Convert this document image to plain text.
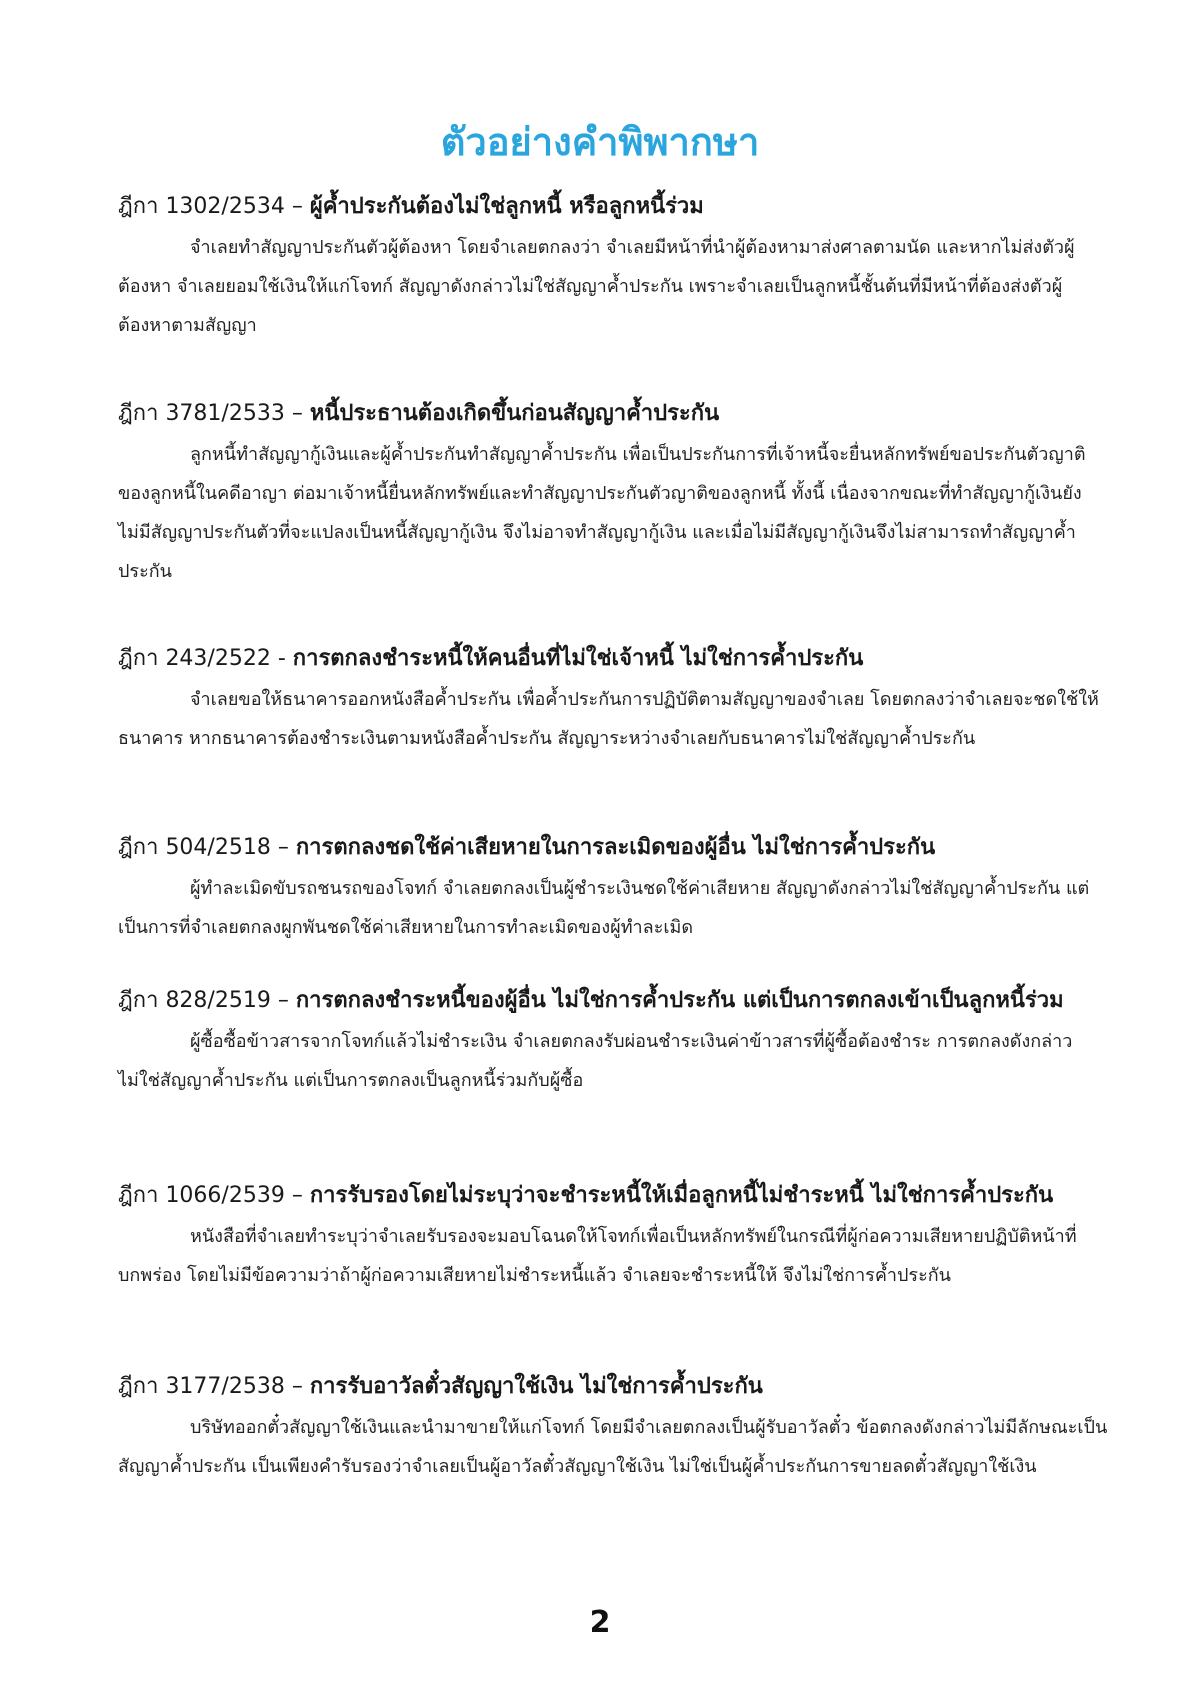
ตัวอย่างคำพิพากษา

ฎีกา 1302/2534 – ผู้ค้ำประกันต้องไม่ใช่ลูกหนี้ หรือลูกหนี้ร่วม

จำเลยทำสัญญาประกันตัวผู้ต้องหา โดยจำเลยตกลงว่า จำเลยมีหน้าที่นำผู้ต้องหามาส่งศาลตามนัด และหากไม่ส่งตัวผู้ต้องหา จำเลยยอมใช้เงินให้แก่โจทก์ สัญญาดังกล่าวไม่ใช่สัญญาค้ำประกัน เพราะจำเลยเป็นลูกหนี้ชั้นต้นที่มีหน้าที่ต้องส่งตัวผู้ต้องหาตามสัญญา

ฎีกา 3781/2533 – หนี้ประธานต้องเกิดขึ้นก่อนสัญญาค้ำประกัน

ลูกหนี้ทำสัญญากู้เงินและผู้ค้ำประกันทำสัญญาค้ำประกัน เพื่อเป็นประกันการที่เจ้าหนี้จะยื่นหลักทรัพย์ขอประกันตัวญาติของลูกหนี้ในคดีอาญา ต่อมาเจ้าหนี้ยื่นหลักทรัพย์และทำสัญญาประกันตัวญาติของลูกหนี้ ทั้งนี้ เนื่องจากขณะที่ทำสัญญากู้เงินยังไม่มีสัญญาประกันตัวที่จะแปลงเป็นหนี้สัญญากู้เงิน จึงไม่อาจทำสัญญากู้เงิน และเมื่อไม่มีสัญญากู้เงินจึงไม่สามารถทำสัญญาค้ำประกัน

ฎีกา 243/2522 - การตกลงชำระหนี้ให้คนอื่นที่ไม่ใช่เจ้าหนี้ ไม่ใช่การค้ำประกัน

จำเลยขอให้ธนาคารออกหนังสือค้ำประกัน เพื่อค้ำประกันการปฏิบัติตามสัญญาของจำเลย โดยตกลงว่าจำเลยจะชดใช้ให้ธนาคาร หากธนาคารต้องชำระเงินตามหนังสือค้ำประกัน สัญญาระหว่างจำเลยกับธนาคารไม่ใช่สัญญาค้ำประกัน

ฎีกา 504/2518 – การตกลงชดใช้ค่าเสียหายในการละเมิดของผู้อื่น ไม่ใช่การค้ำประกัน

ผู้ทำละเมิดขับรถชนรถของโจทก์ จำเลยตกลงเป็นผู้ชำระเงินชดใช้ค่าเสียหาย สัญญาดังกล่าวไม่ใช่สัญญาค้ำประกัน แต่เป็นการที่จำเลยตกลงผูกพันชดใช้ค่าเสียหายในการทำละเมิดของผู้ทำละเมิด

ฎีกา 828/2519 – การตกลงชำระหนี้ของผู้อื่น ไม่ใช่การค้ำประกัน แต่เป็นการตกลงเข้าเป็นลูกหนี้ร่วม

ผู้ซื้อซื้อข้าวสารจากโจทก์แล้วไม่ชำระเงิน จำเลยตกลงรับผ่อนชำระเงินค่าข้าวสารที่ผู้ซื้อต้องชำระ การตกลงดังกล่าวไม่ใช่สัญญาค้ำประกัน แต่เป็นการตกลงเป็นลูกหนี้ร่วมกับผู้ซื้อ

ฎีกา 1066/2539 – การรับรองโดยไม่ระบุว่าจะชำระหนี้ให้เมื่อลูกหนี้ไม่ชำระหนี้ ไม่ใช่การค้ำประกัน

หนังสือที่จำเลยทำระบุว่าจำเลยรับรองจะมอบโฉนดให้โจทก์เพื่อเป็นหลักทรัพย์ในกรณีที่ผู้ก่อความเสียหายปฏิบัติหน้าที่บกพร่อง โดยไม่มีข้อความว่าถ้าผู้ก่อความเสียหายไม่ชำระหนี้แล้ว จำเลยจะชำระหนี้ให้ จึงไม่ใช่การค้ำประกัน

ฎีกา 3177/2538 – การรับอาวัลตั๋วสัญญาใช้เงิน ไม่ใช่การค้ำประกัน

บริษัทออกตั๋วสัญญาใช้เงินและนำมาขายให้แก่โจทก์ โดยมีจำเลยตกลงเป็นผู้รับอาวัลตั๋ว ข้อตกลงดังกล่าวไม่มีลักษณะเป็นสัญญาค้ำประกัน เป็นเพียงคำรับรองว่าจำเลยเป็นผู้อาวัลตั๋วสัญญาใช้เงิน ไม่ใช่เป็นผู้ค้ำประกันการขายลดตั๋วสัญญาใช้เงิน

2
